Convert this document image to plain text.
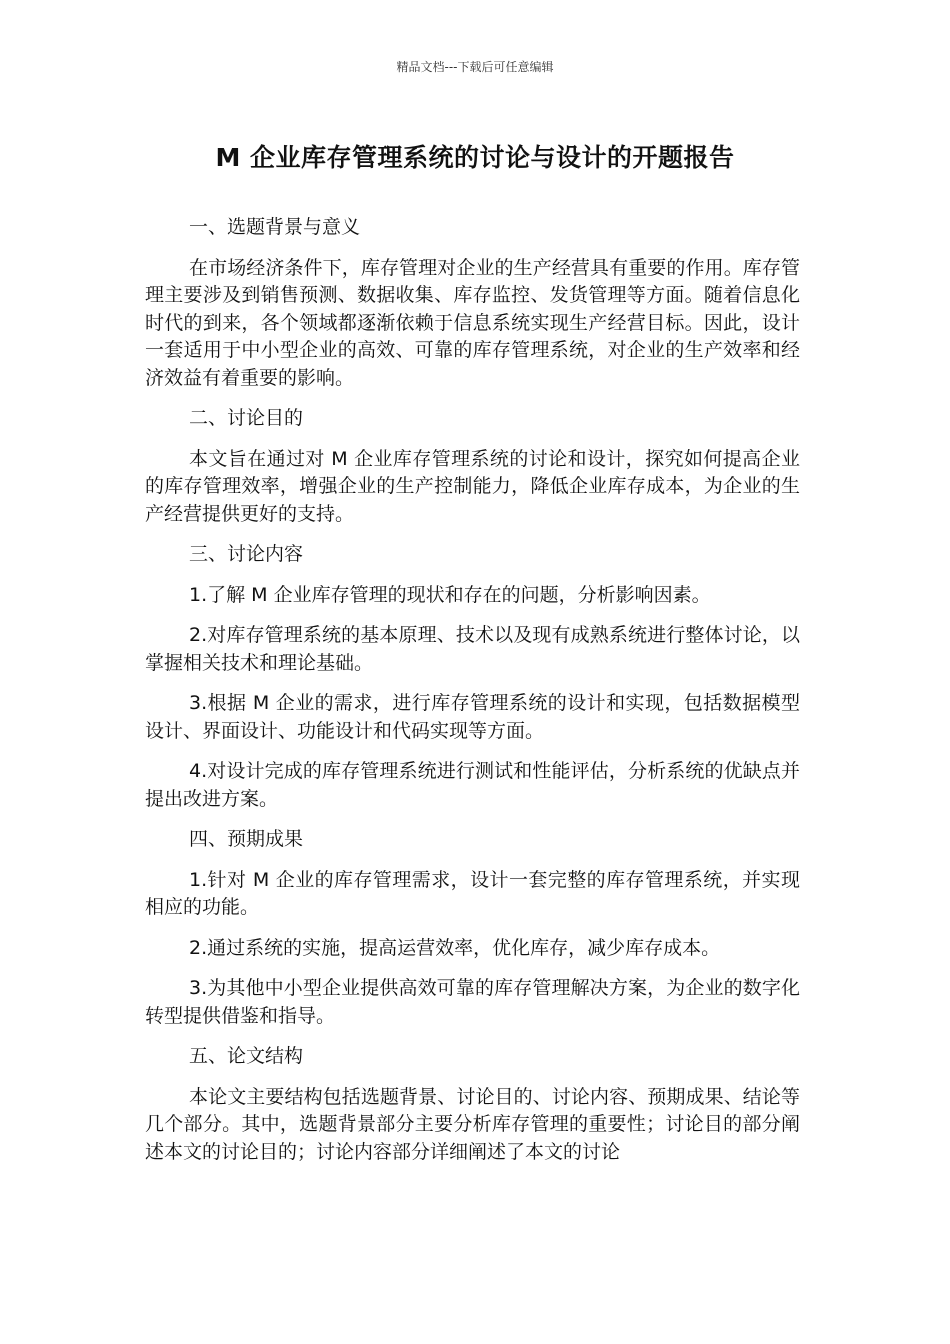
精品文档---下载后可任意编辑
M 企业库存管理系统的讨论与设计的开题报告

一、选题背景与意义

在市场经济条件下，库存管理对企业的生产经营具有重要的作用。库存管理主要涉及到销售预测、数据收集、库存监控、发货管理等方面。随着信息化时代的到来，各个领域都逐渐依赖于信息系统实现生产经营目标。因此，设计一套适用于中小型企业的高效、可靠的库存管理系统，对企业的生产效率和经济效益有着重要的影响。

二、讨论目的

本文旨在通过对 M 企业库存管理系统的讨论和设计，探究如何提高企业的库存管理效率，增强企业的生产控制能力，降低企业库存成本，为企业的生产经营提供更好的支持。

三、讨论内容

1.了解 M 企业库存管理的现状和存在的问题，分析影响因素。

2.对库存管理系统的基本原理、技术以及现有成熟系统进行整体讨论，以掌握相关技术和理论基础。

3.根据 M 企业的需求，进行库存管理系统的设计和实现，包括数据模型设计、界面设计、功能设计和代码实现等方面。

4.对设计完成的库存管理系统进行测试和性能评估，分析系统的优缺点并提出改进方案。

四、预期成果

1.针对 M 企业的库存管理需求，设计一套完整的库存管理系统，并实现相应的功能。

2.通过系统的实施，提高运营效率，优化库存，减少库存成本。

3.为其他中小型企业提供高效可靠的库存管理解决方案，为企业的数字化转型提供借鉴和指导。

五、论文结构

本论文主要结构包括选题背景、讨论目的、讨论内容、预期成果、结论等几个部分。其中，选题背景部分主要分析库存管理的重要性；讨论目的部分阐述本文的讨论目的；讨论内容部分详细阐述了本文的讨论
